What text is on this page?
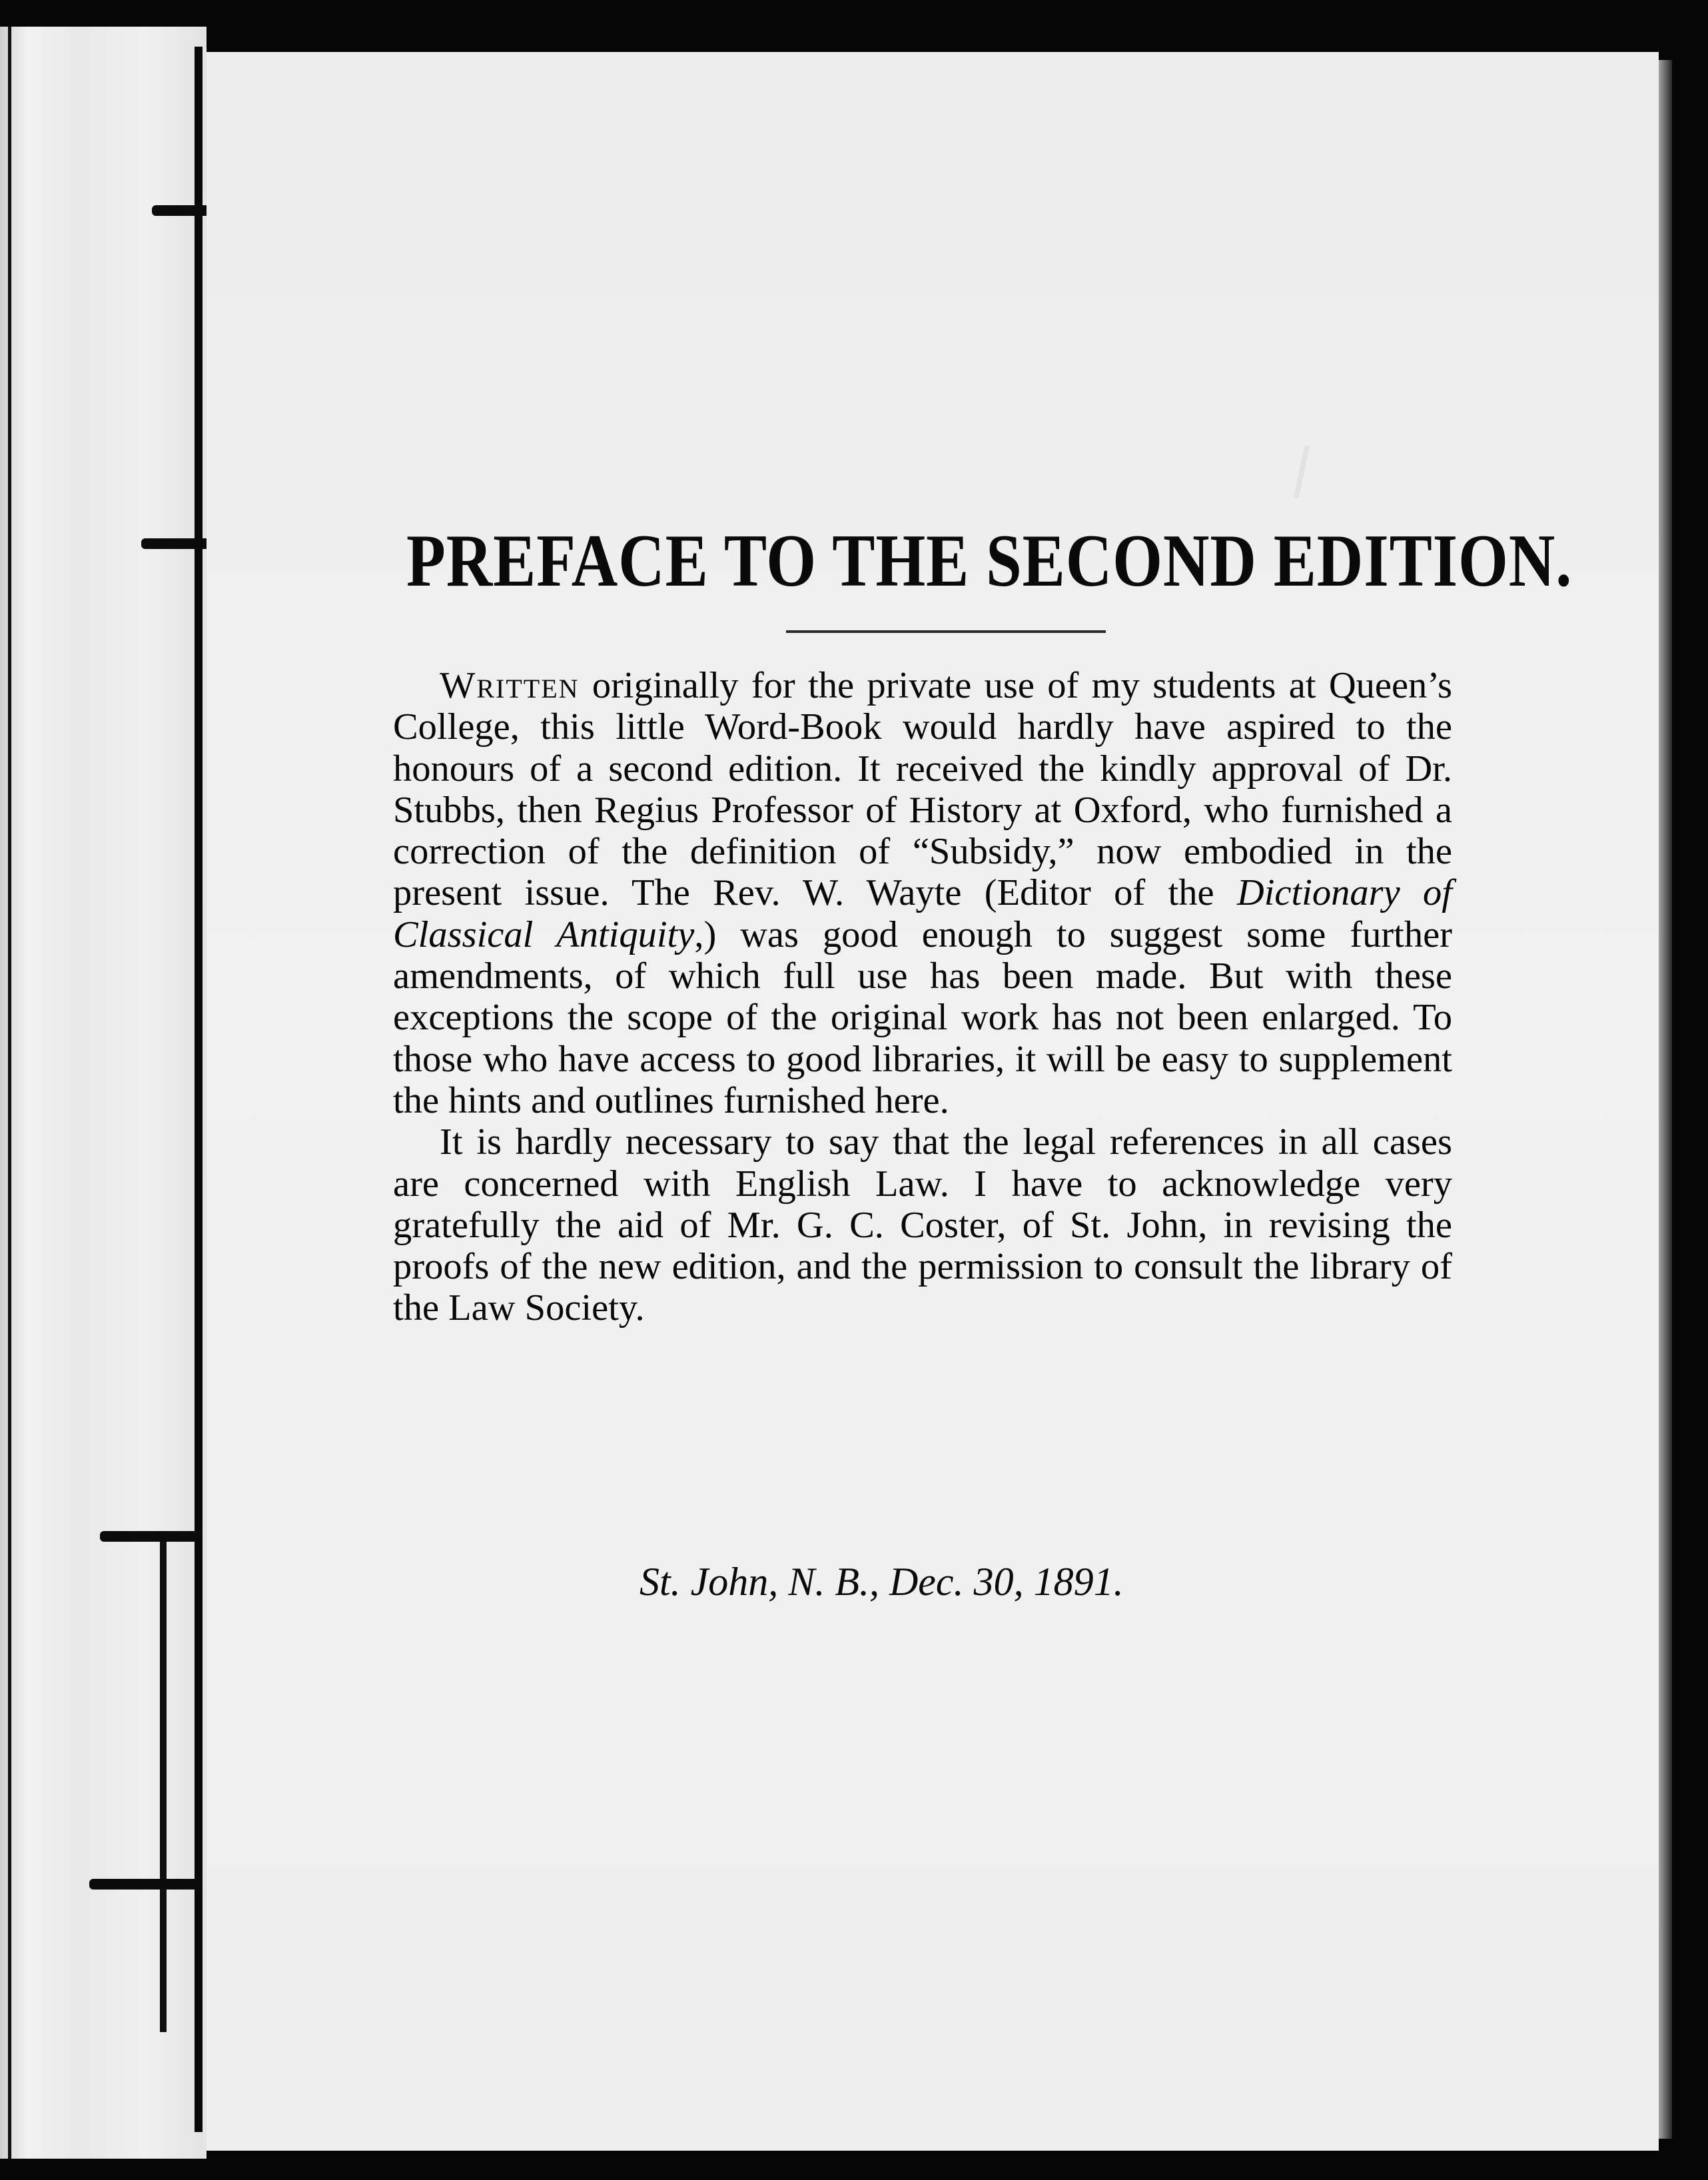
PREFACE TO THE SECOND EDITION.

Written originally for the private use of my students at Queen’s College, this little Word-Book would hardly have aspired to the honours of a second edition. It received the kindly approval of Dr. Stubbs, then Regius Professor of History at Oxford, who furnished a correction of the definition of “Subsidy,” now embodied in the present issue. The Rev. W. Wayte (Editor of the Dictionary of Classical Antiquity,) was good enough to suggest some further amendments, of which full use has been made. But with these exceptions the scope of the original work has not been enlarged. To those who have access to good libraries, it will be easy to supplement the hints and outlines furnished here.

It is hardly necessary to say that the legal references in all cases are concerned with English Law. I have to acknowledge very gratefully the aid of Mr. G. C. Coster, of St. John, in revising the proofs of the new edition, and the permission to consult the library of the Law Society.

St. John, N. B., Dec. 30, 1891.
